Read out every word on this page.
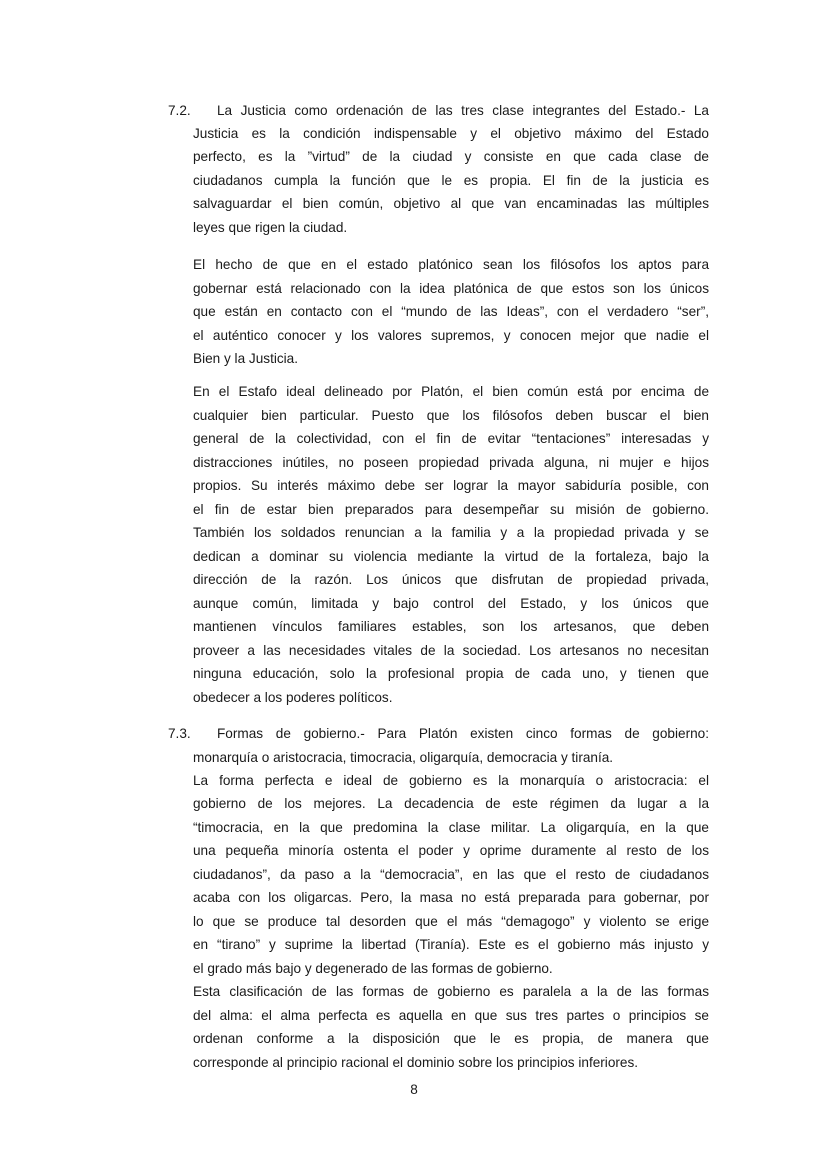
7.2. La Justicia como ordenación de las tres clase integrantes del Estado.- La
Justicia es la condición indispensable y el objetivo máximo del Estado
perfecto, es la ”virtud” de la ciudad y consiste en que cada clase de
ciudadanos cumpla la función que le es propia. El fin de la justicia es
salvaguardar el bien común, objetivo al que van encaminadas las múltiples
leyes que rigen la ciudad.
El hecho de que en el estado platónico sean los filósofos los aptos para
gobernar está relacionado con la idea platónica de que estos son los únicos
que están en contacto con el “mundo de las Ideas”, con el verdadero “ser”,
el auténtico conocer y los valores supremos, y conocen mejor que nadie el
Bien y la Justicia.
En el Estafo ideal delineado por Platón, el bien común está por encima de
cualquier bien particular. Puesto que los filósofos deben buscar el bien
general de la colectividad, con el fin de evitar “tentaciones” interesadas y
distracciones inútiles, no poseen propiedad privada alguna, ni mujer e hijos
propios. Su interés máximo debe ser lograr la mayor sabiduría posible, con
el fin de estar bien preparados para desempeñar su misión de gobierno.
También los soldados renuncian a la familia y a la propiedad privada y se
dedican a dominar su violencia mediante la virtud de la fortaleza, bajo la
dirección de la razón. Los únicos que disfrutan de propiedad privada,
aunque común, limitada y bajo control del Estado, y los únicos que
mantienen vínculos familiares estables, son los artesanos, que deben
proveer a las necesidades vitales de la sociedad. Los artesanos no necesitan
ninguna educación, solo la profesional propia de cada uno, y tienen que
obedecer a los poderes políticos.
7.3. Formas de gobierno.- Para Platón existen cinco formas de gobierno:
monarquía o aristocracia, timocracia, oligarquía, democracia y tiranía.
La forma perfecta e ideal de gobierno es la monarquía o aristocracia: el
gobierno de los mejores. La decadencia de este régimen da lugar a la
“timocracia, en la que predomina la clase militar. La oligarquía, en la que
una pequeña minoría ostenta el poder y oprime duramente al resto de los
ciudadanos”, da paso a la “democracia”, en las que el resto de ciudadanos
acaba con los oligarcas. Pero, la masa no está preparada para gobernar, por
lo que se produce tal desorden que el más “demagogo” y violento se erige
en “tirano” y suprime la libertad (Tiranía). Este es el gobierno más injusto y
el grado más bajo y degenerado de las formas de gobierno.
Esta clasificación de las formas de gobierno es paralela a la de las formas
del alma: el alma perfecta es aquella en que sus tres partes o principios se
ordenan conforme a la disposición que le es propia, de manera que
corresponde al principio racional el dominio sobre los principios inferiores.
8
